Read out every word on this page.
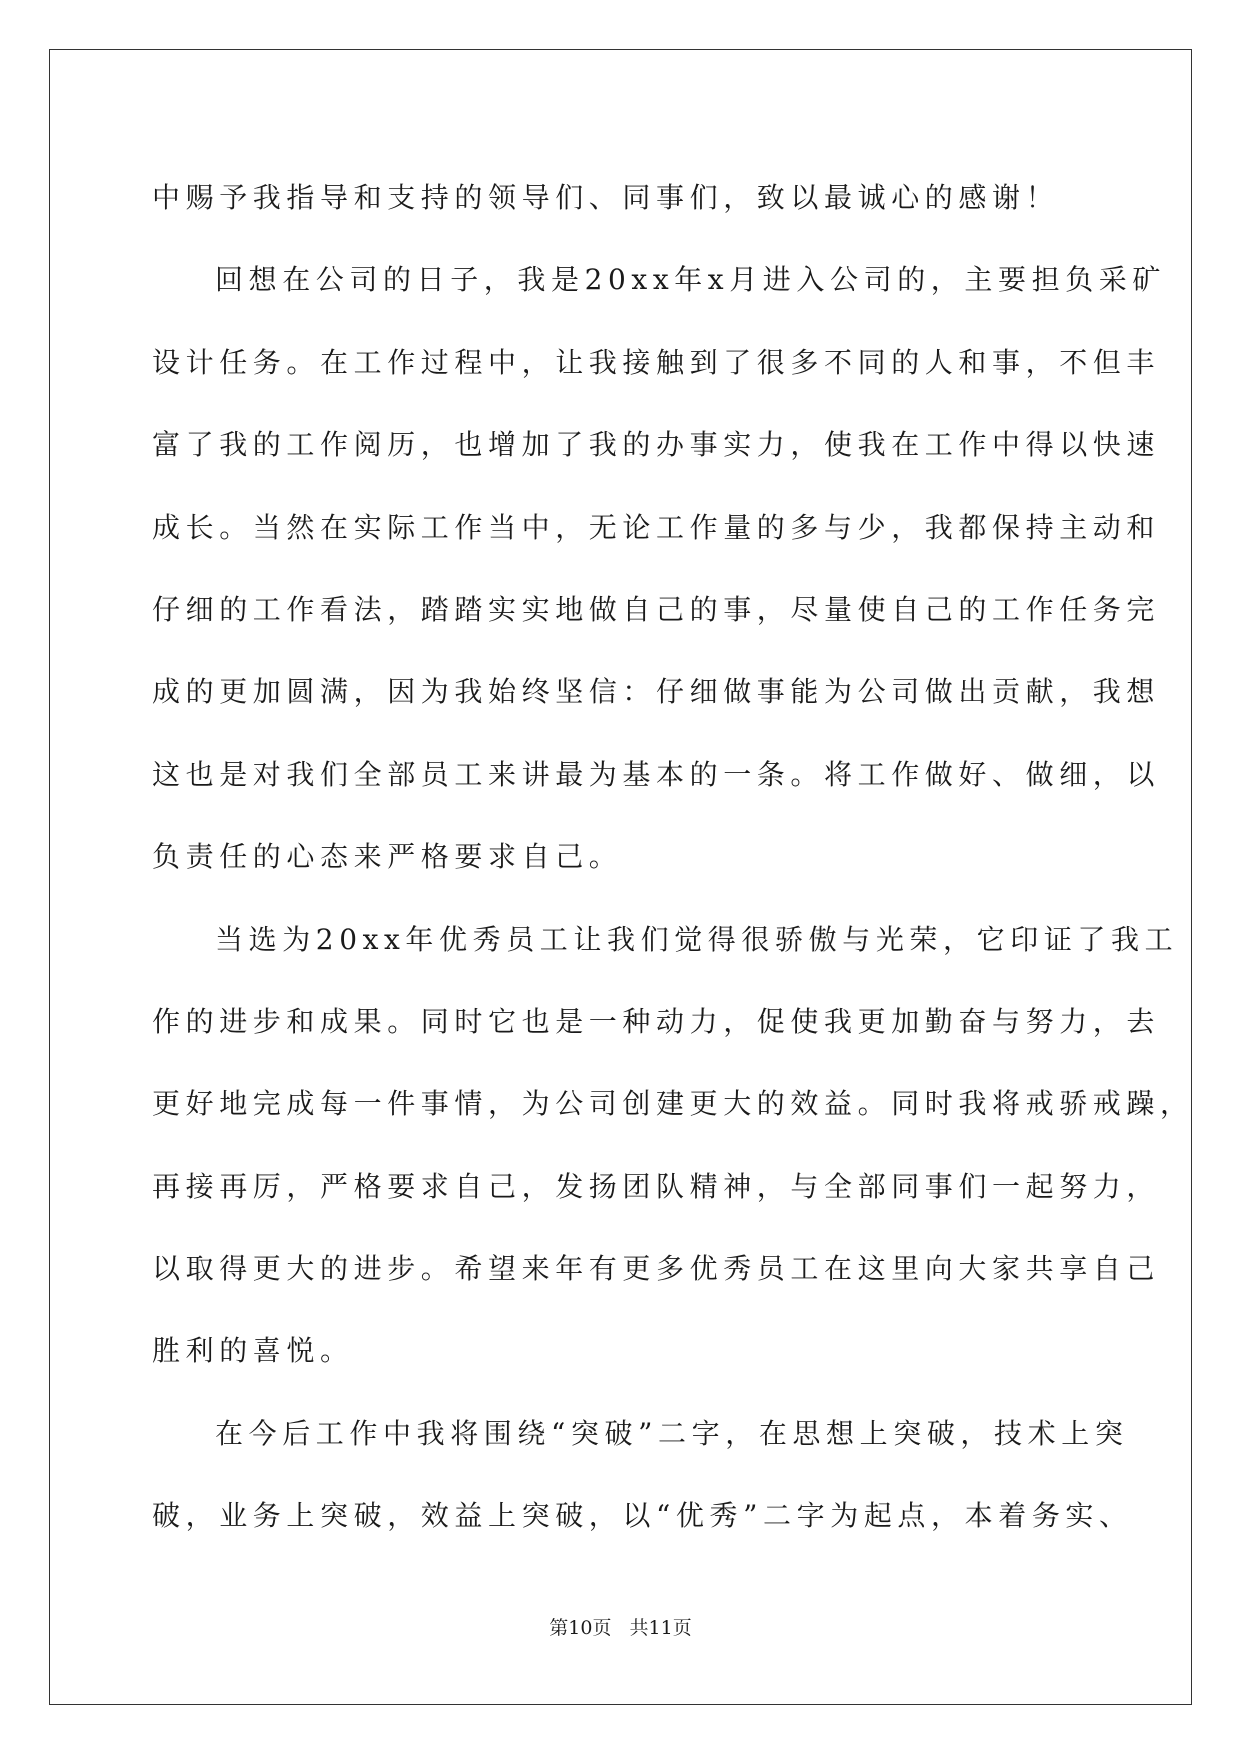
中赐予我指导和支持的领导们、同事们，致以最诚心的感谢！
回想在公司的日子，我是20xx年x月进入公司的，主要担负采矿
设计任务。在工作过程中，让我接触到了很多不同的人和事，不但丰
富了我的工作阅历，也增加了我的办事实力，使我在工作中得以快速
成长。当然在实际工作当中，无论工作量的多与少，我都保持主动和
仔细的工作看法，踏踏实实地做自己的事，尽量使自己的工作任务完
成的更加圆满，因为我始终坚信：仔细做事能为公司做出贡献，我想
这也是对我们全部员工来讲最为基本的一条。将工作做好、做细，以
负责任的心态来严格要求自己。
当选为20xx年优秀员工让我们觉得很骄傲与光荣，它印证了我工
作的进步和成果。同时它也是一种动力，促使我更加勤奋与努力，去
更好地完成每一件事情，为公司创建更大的效益。同时我将戒骄戒躁，
再接再厉，严格要求自己，发扬团队精神，与全部同事们一起努力，
以取得更大的进步。希望来年有更多优秀员工在这里向大家共享自己
胜利的喜悦。
在今后工作中我将围绕“突破”二字，在思想上突破，技术上突
破，业务上突破，效益上突破，以“优秀”二字为起点，本着务实、
第10页 共11页
